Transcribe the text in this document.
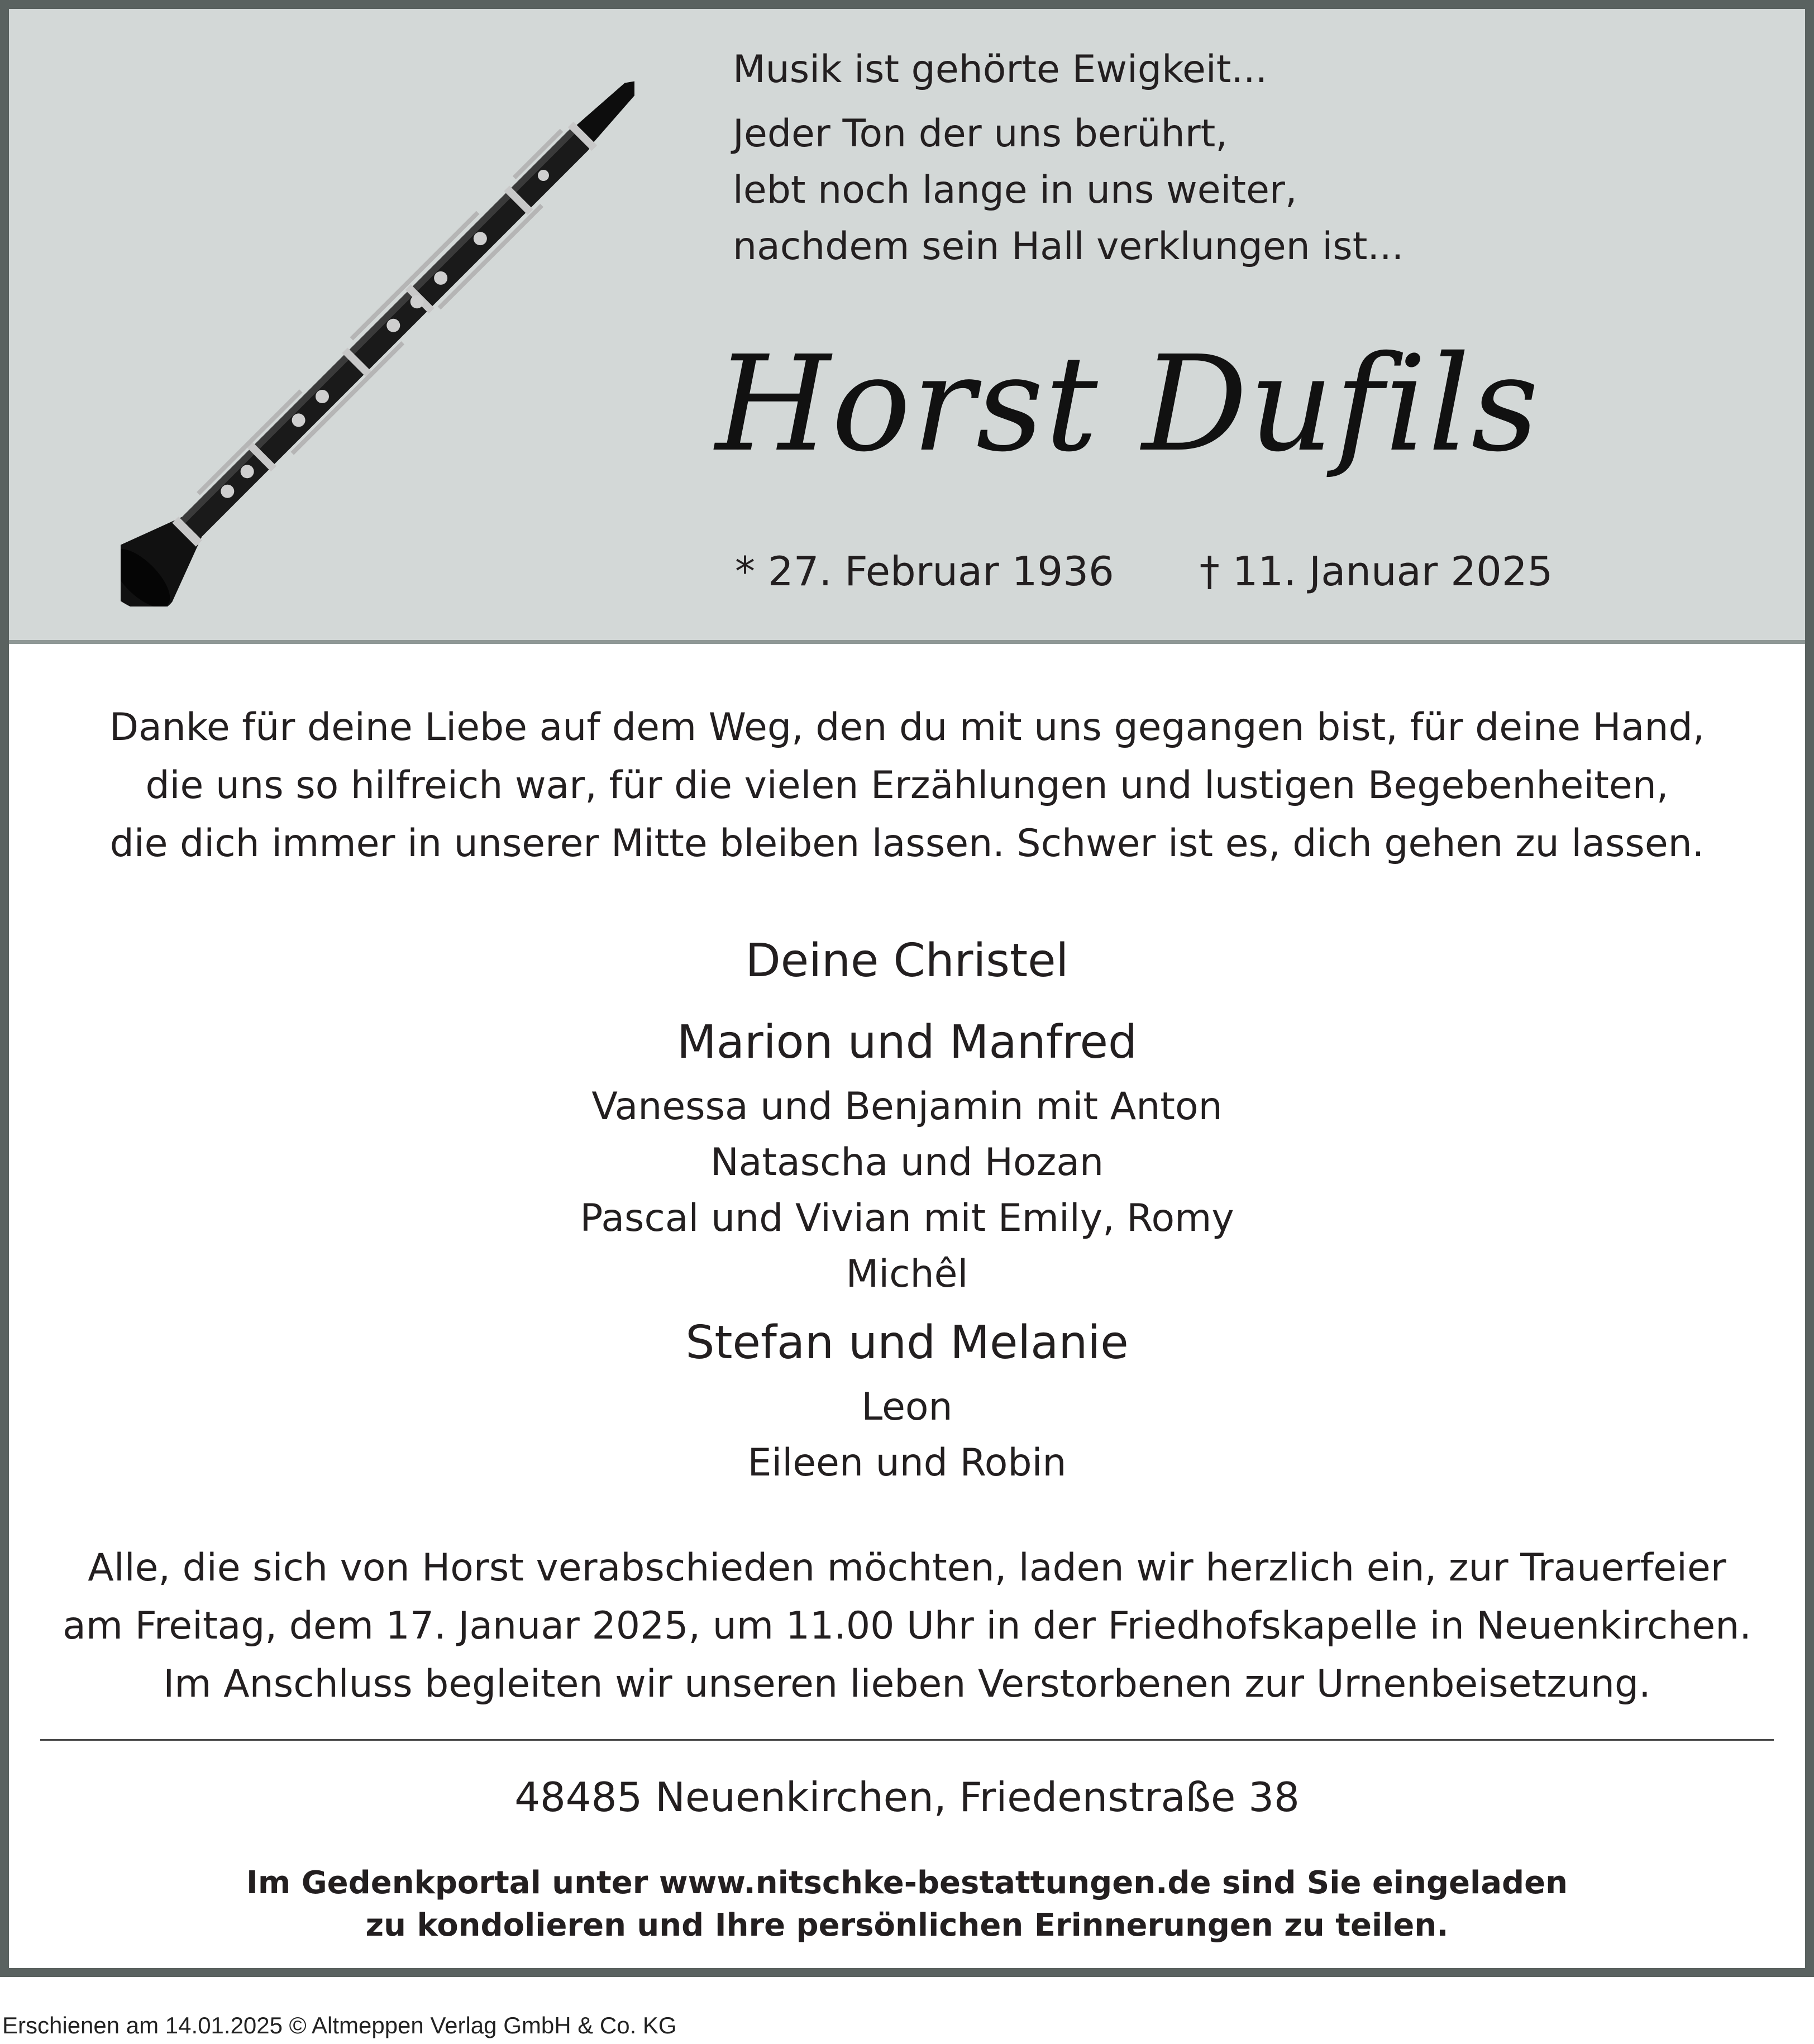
Musik ist gehörte Ewigkeit...
Jeder Ton der uns berührt,
lebt noch lange in uns weiter,
nachdem sein Hall verklungen ist...
Horst Dufils
* 27. Februar 1936 † 11. Januar 2025
Danke für deine Liebe auf dem Weg, den du mit uns gegangen bist, für deine Hand,
die uns so hilfreich war, für die vielen Erzählungen und lustigen Begebenheiten,
die dich immer in unserer Mitte bleiben lassen. Schwer ist es, dich gehen zu lassen.
Deine Christel
Marion und Manfred
Vanessa und Benjamin mit Anton
Natascha und Hozan
Pascal und Vivian mit Emily, Romy
Michêl
Stefan und Melanie
Leon
Eileen und Robin
Alle, die sich von Horst verabschieden möchten, laden wir herzlich ein, zur Trauerfeier
am Freitag, dem 17. Januar 2025, um 11.00 Uhr in der Friedhofskapelle in Neuenkirchen.
Im Anschluss begleiten wir unseren lieben Verstorbenen zur Urnenbeisetzung.
48485 Neuenkirchen, Friedenstraße 38
Im Gedenkportal unter www.nitschke-bestattungen.de sind Sie eingeladen
zu kondolieren und Ihre persönlichen Erinnerungen zu teilen.
Erschienen am 14.01.2025 © Altmeppen Verlag GmbH & Co. KG
